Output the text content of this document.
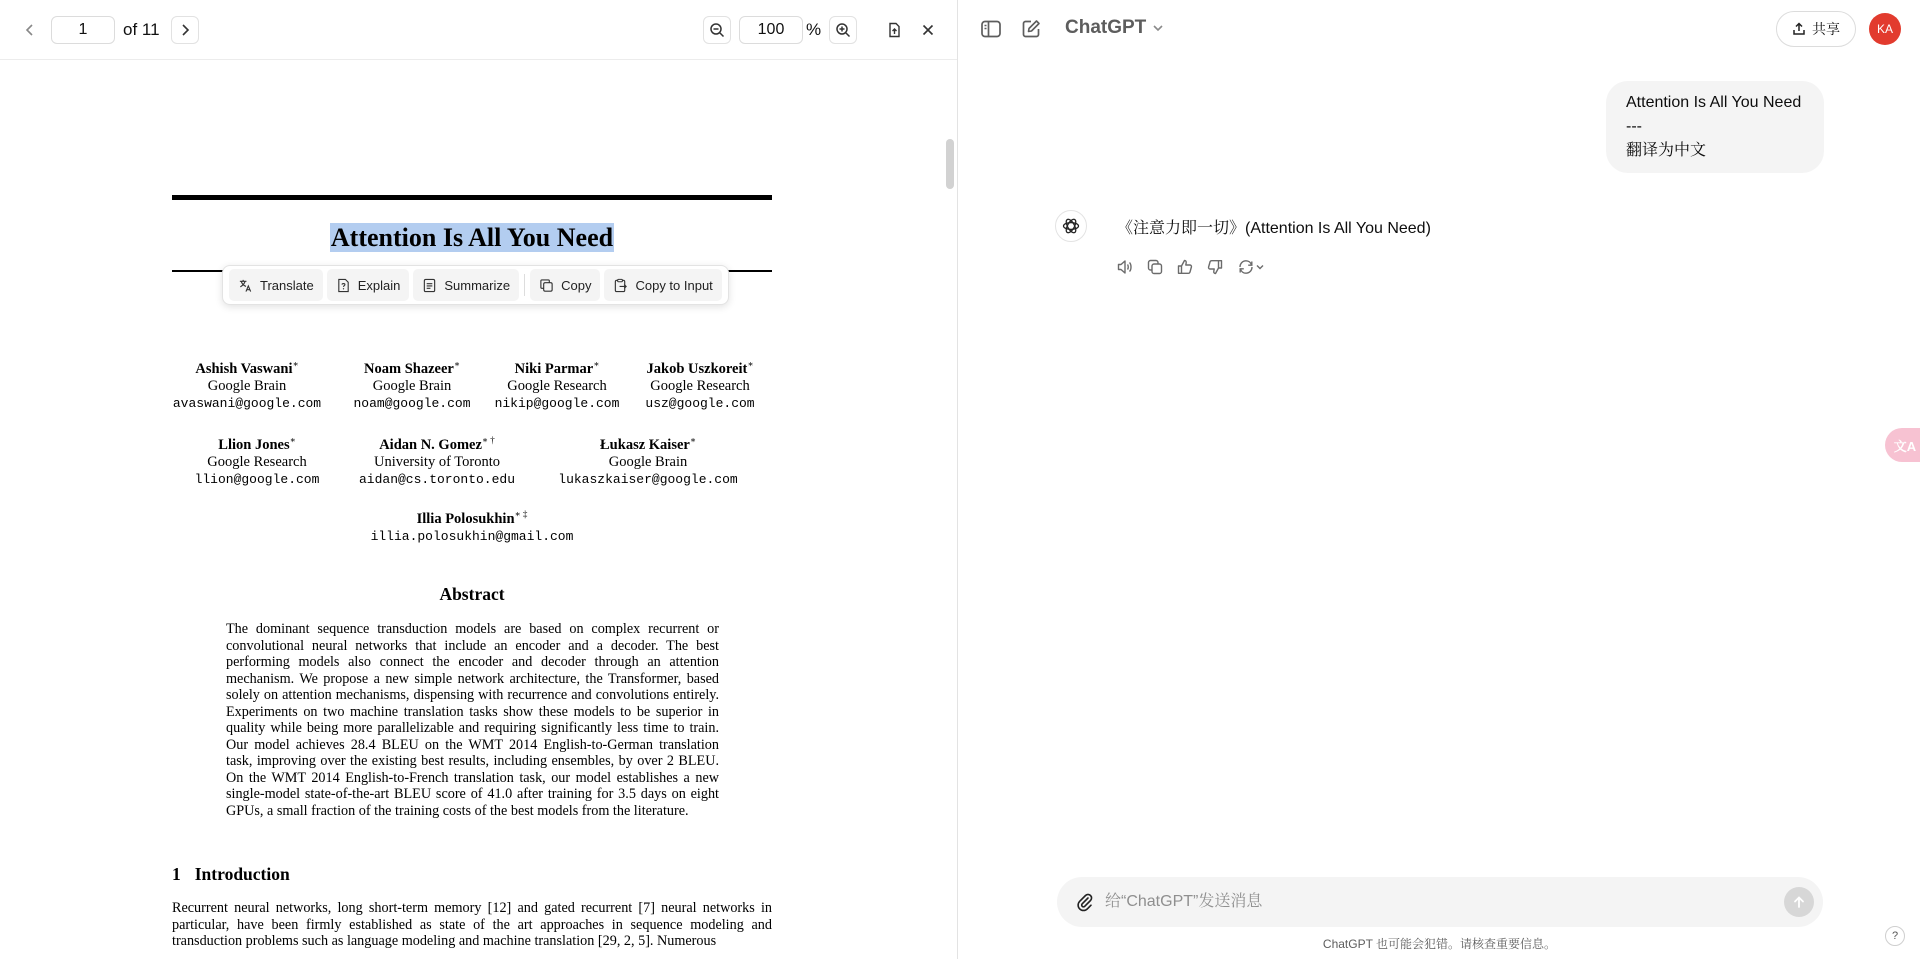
1
of 11
100	%
Attention Is All You Need
Ashish Vaswani∗
Google Brain
avaswani@google.com
Noam Shazeer∗
Google Brain
noam@google.com
Niki Parmar∗
Google Research
nikip@google.com
Jakob Uszkoreit∗
Google Research
usz@google.com
Llion Jones∗
Google Research
llion@google.com
Aidan N. Gomez∗ †
University of Toronto
aidan@cs.toronto.edu
Łukasz Kaiser∗
Google Brain
lukaszkaiser@google.com
Illia Polosukhin∗ ‡
illia.polosukhin@gmail.com
Abstract
The dominant sequence transduction models are based on complex recurrent or convolutional neural networks that include an encoder and a decoder. The best performing models also connect the encoder and decoder through an attention mechanism. We propose a new simple network architecture, the Transformer, based solely on attention mechanisms, dispensing with recurrence and convolutions entirely. Experiments on two machine translation tasks show these models to be superior in quality while being more parallelizable and requiring significantly less time to train. Our model achieves 28.4 BLEU on the WMT 2014 English-to-German translation task, improving over the existing best results, including ensembles, by over 2 BLEU. On the WMT 2014 English-to-French translation task, our model establishes a new single-model state-of-the-art BLEU score of 41.0 after training for 3.5 days on eight GPUs, a small fraction of the training costs of the best models from the literature.
1 Introduction
Recurrent neural networks, long short-term memory [12] and gated recurrent [7] neural networks in particular, have been firmly established as state of the art approaches in sequence modeling and transduction problems such as language modeling and machine translation [29, 2, 5]. Numerous
Translate	Explain	Summarize	Copy	Copy to Input
ChatGPT	共享	KA
Attention Is All You Need
---
翻译为中文
《注意力即一切》(Attention Is All You Need)
文A
给“ChatGPT”发送消息
ChatGPT 也可能会犯错。请核查重要信息。
?
